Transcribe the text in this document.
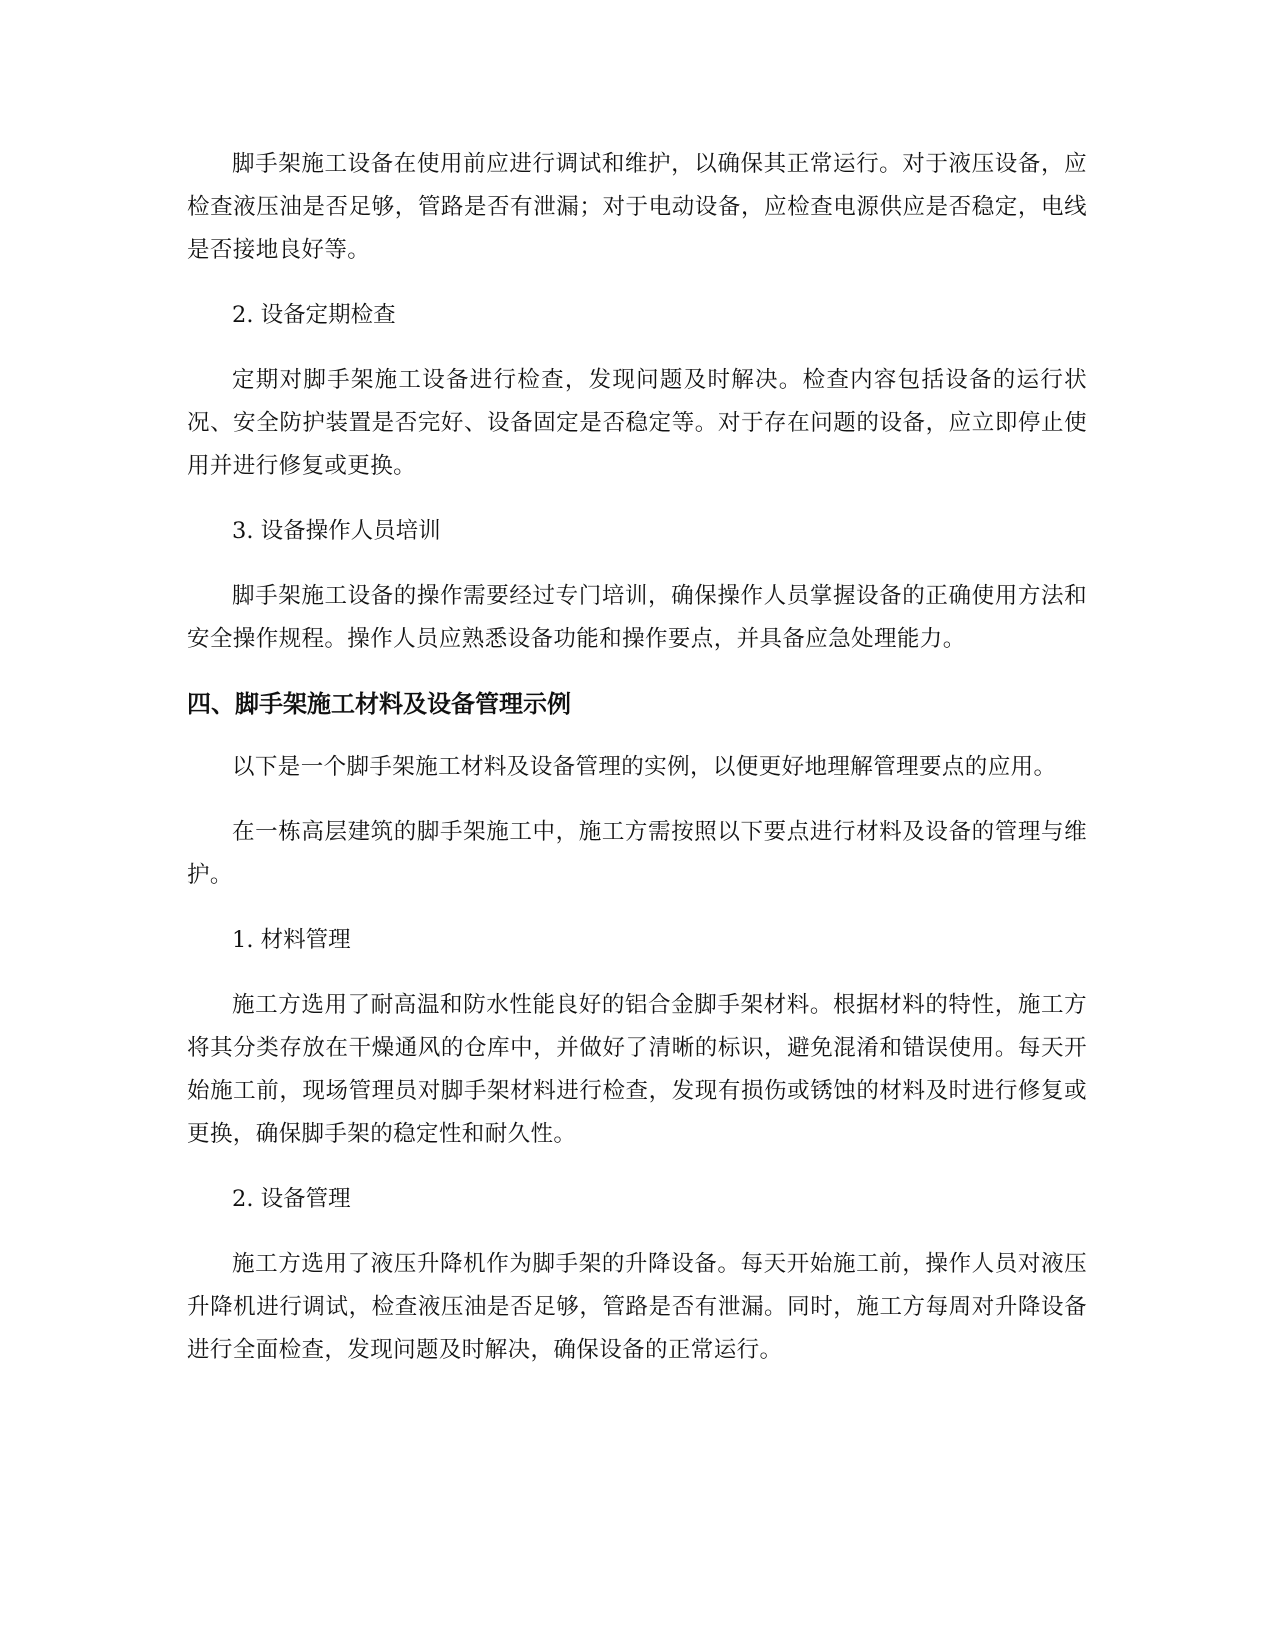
脚手架施工设备在使用前应进行调试和维护，以确保其正常运行。对于液压设备，应检查液压油是否足够，管路是否有泄漏；对于电动设备，应检查电源供应是否稳定，电线是否接地良好等。

2. 设备定期检查

定期对脚手架施工设备进行检查，发现问题及时解决。检查内容包括设备的运行状况、安全防护装置是否完好、设备固定是否稳定等。对于存在问题的设备，应立即停止使用并进行修复或更换。

3. 设备操作人员培训

脚手架施工设备的操作需要经过专门培训，确保操作人员掌握设备的正确使用方法和安全操作规程。操作人员应熟悉设备功能和操作要点，并具备应急处理能力。

四、脚手架施工材料及设备管理示例

以下是一个脚手架施工材料及设备管理的实例，以便更好地理解管理要点的应用。

在一栋高层建筑的脚手架施工中，施工方需按照以下要点进行材料及设备的管理与维护。

1. 材料管理

施工方选用了耐高温和防水性能良好的铝合金脚手架材料。根据材料的特性，施工方将其分类存放在干燥通风的仓库中，并做好了清晰的标识，避免混淆和错误使用。每天开始施工前，现场管理员对脚手架材料进行检查，发现有损伤或锈蚀的材料及时进行修复或更换，确保脚手架的稳定性和耐久性。

2. 设备管理

施工方选用了液压升降机作为脚手架的升降设备。每天开始施工前，操作人员对液压升降机进行调试，检查液压油是否足够，管路是否有泄漏。同时，施工方每周对升降设备进行全面检查，发现问题及时解决，确保设备的正常运行。
